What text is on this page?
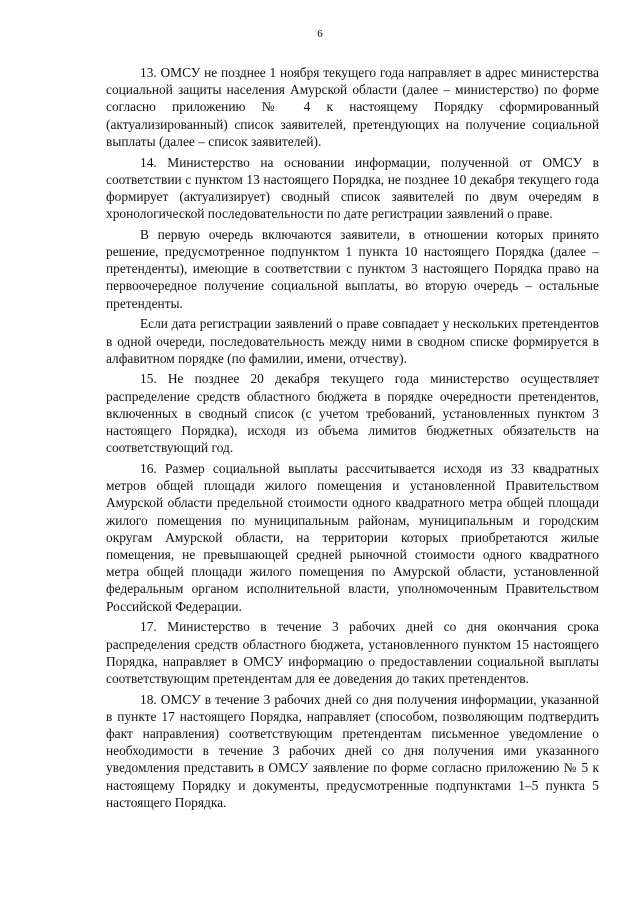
6

13. ОМСУ не позднее 1 ноября текущего года направляет в адрес министерства социальной защиты населения Амурской области (далее – министерство) по форме согласно приложению № 4 к настоящему Порядку сформированный (актуализированный) список заявителей, претендующих на получение социальной выплаты (далее – список заявителей).

14. Министерство на основании информации, полученной от ОМСУ в соответствии с пунктом 13 настоящего Порядка, не позднее 10 декабря текущего года формирует (актуализирует) сводный список заявителей по двум очередям в хронологической последовательности по дате регистрации заявлений о праве.

В первую очередь включаются заявители, в отношении которых принято решение, предусмотренное подпунктом 1 пункта 10 настоящего Порядка (далее – претенденты), имеющие в соответствии с пунктом 3 настоящего Порядка право на первоочередное получение социальной выплаты, во вторую очередь – остальные претенденты.

Если дата регистрации заявлений о праве совпадает у нескольких претендентов в одной очереди, последовательность между ними в сводном списке формируется в алфавитном порядке (по фамилии, имени, отчеству).

15. Не позднее 20 декабря текущего года министерство осуществляет распределение средств областного бюджета в порядке очередности претендентов, включенных в сводный список (с учетом требований, установленных пунктом 3 настоящего Порядка), исходя из объема лимитов бюджетных обязательств на соответствующий год.

16. Размер социальной выплаты рассчитывается исходя из 33 квадратных метров общей площади жилого помещения и установленной Правительством Амурской области предельной стоимости одного квадратного метра общей площади жилого помещения по муниципальным районам, муниципальным и городским округам Амурской области, на территории которых приобретаются жилые помещения, не превышающей средней рыночной стоимости одного квадратного метра общей площади жилого помещения по Амурской области, установленной федеральным органом исполнительной власти, уполномоченным Правительством Российской Федерации.

17. Министерство в течение 3 рабочих дней со дня окончания срока распределения средств областного бюджета, установленного пунктом 15 настоящего Порядка, направляет в ОМСУ информацию о предоставлении социальной выплаты соответствующим претендентам для ее доведения до таких претендентов.

18. ОМСУ в течение 3 рабочих дней со дня получения информации, указанной в пункте 17 настоящего Порядка, направляет (способом, позволяющим подтвердить факт направления) соответствующим претендентам письменное уведомление о необходимости в течение 3 рабочих дней со дня получения ими указанного уведомления представить в ОМСУ заявление по форме согласно приложению № 5 к настоящему Порядку и документы, предусмотренные подпунктами 1–5 пункта 5 настоящего Порядка.
